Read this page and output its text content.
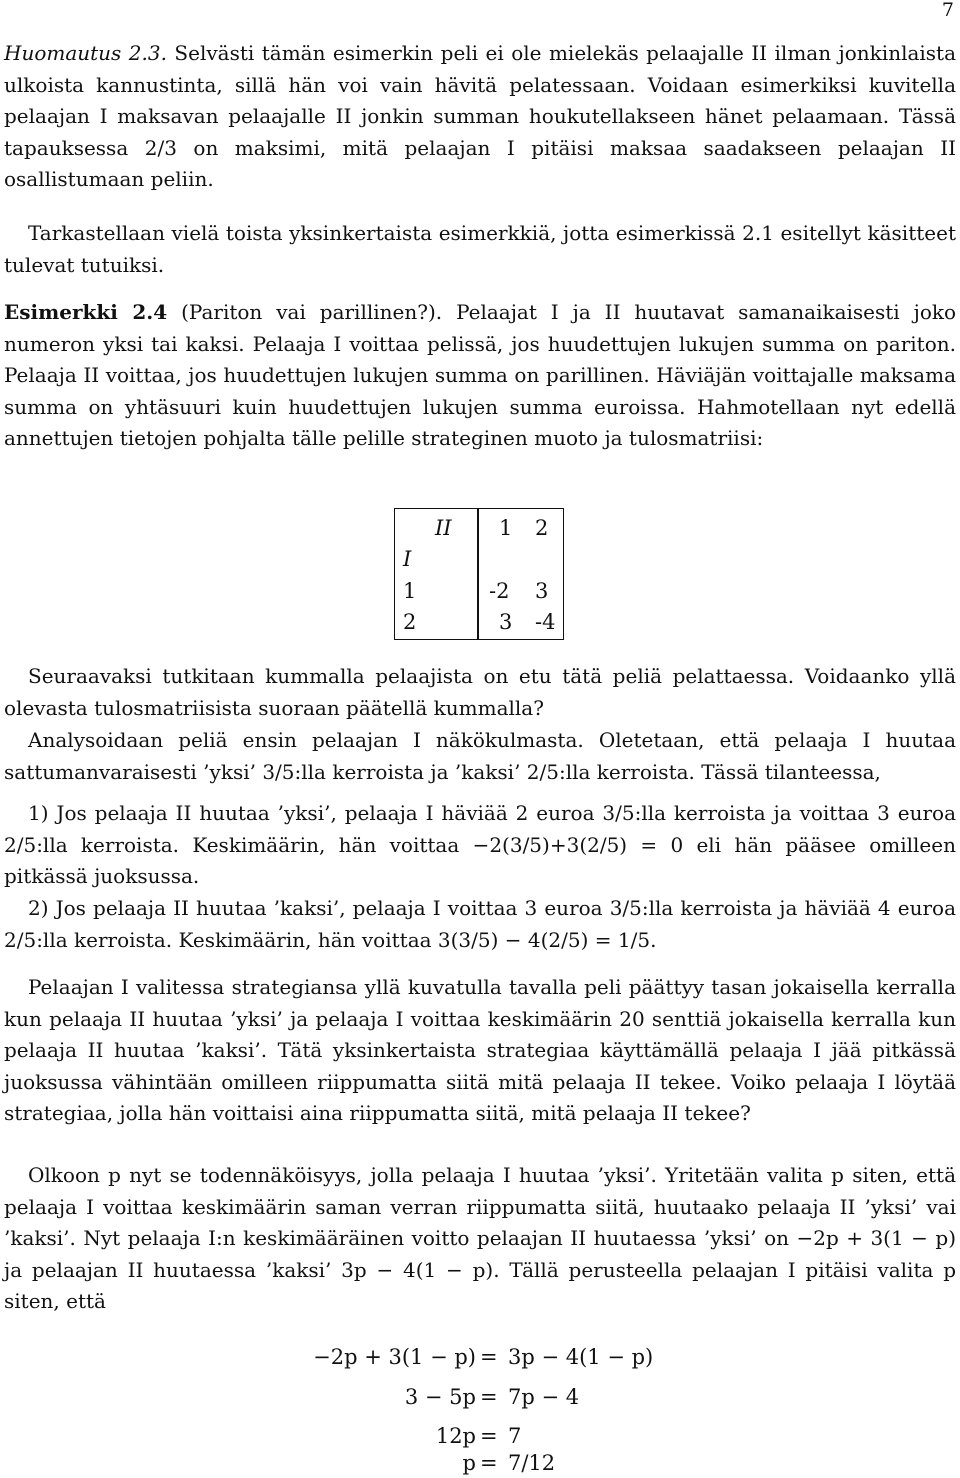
7

Huomautus 2.3. Selvästi tämän esimerkin peli ei ole mielekäs pelaajalle II ilman jonkinlaista ulkoista kannustinta, sillä hän voi vain hävitä pelatessaan. Voidaan esimerkiksi kuvitella pelaajan I maksavan pelaajalle II jonkin summan houkutellakseen hänet pelaamaan. Tässä tapauksessa 2/3 on maksimi, mitä pelaajan I pitäisi maksaa saadakseen pelaajan II osallistumaan peliin.

Tarkastellaan vielä toista yksinkertaista esimerkkiä, jotta esimerkissä 2.1 esitellyt käsitteet tulevat tutuiksi.

Esimerkki 2.4 (Pariton vai parillinen?). Pelaajat I ja II huutavat samanaikaisesti joko numeron yksi tai kaksi. Pelaaja I voittaa pelissä, jos huudettujen lukujen summa on pariton. Pelaaja II voittaa, jos huudettujen lukujen summa on parillinen. Häviäjän voittajalle maksama summa on yhtäsuuri kuin huudettujen lukujen summa euroissa. Hahmotellaan nyt edellä annettujen tietojen pohjalta tälle pelille strateginen muoto ja tulosmatriisi:

II 1 2
I
1
2
-2 3
3 -4

Seuraavaksi tutkitaan kummalla pelaajista on etu tätä peliä pelattaessa. Voidaanko yllä olevasta tulosmatriisista suoraan päätellä kummalla?

Analysoidaan peliä ensin pelaajan I näkökulmasta. Oletetaan, että pelaaja I huutaa sattumanvaraisesti ’yksi’ 3/5:lla kerroista ja ’kaksi’ 2/5:lla kerroista. Tässä tilanteessa,

1) Jos pelaaja II huutaa ’yksi’, pelaaja I häviää 2 euroa 3/5:lla kerroista ja voittaa 3 euroa 2/5:lla kerroista. Keskimäärin, hän voittaa −2(3/5)+3(2/5) = 0 eli hän pääsee omilleen pitkässä juoksussa.

2) Jos pelaaja II huutaa ’kaksi’, pelaaja I voittaa 3 euroa 3/5:lla kerroista ja häviää 4 euroa 2/5:lla kerroista. Keskimäärin, hän voittaa 3(3/5) − 4(2/5) = 1/5.

Pelaajan I valitessa strategiansa yllä kuvatulla tavalla peli päättyy tasan jokaisella kerralla kun pelaaja II huutaa ’yksi’ ja pelaaja I voittaa keskimäärin 20 senttiä jokaisella kerralla kun pelaaja II huutaa ’kaksi’. Tätä yksinkertaista strategiaa käyttämällä pelaaja I jää pitkässä juoksussa vähintään omilleen riippumatta siitä mitä pelaaja II tekee. Voiko pelaaja I löytää strategiaa, jolla hän voittaisi aina riippumatta siitä, mitä pelaaja II tekee?

Olkoon p nyt se todennäköisyys, jolla pelaaja I huutaa ’yksi’. Yritetään valita p siten, että pelaaja I voittaa keskimäärin saman verran riippumatta siitä, huutaako pelaaja II ’yksi’ vai ’kaksi’. Nyt pelaaja I:n keskimääräinen voitto pelaajan II huutaessa ’yksi’ on −2p + 3(1 − p) ja pelaajan II huutaessa ’kaksi’ 3p − 4(1 − p). Tällä perusteella pelaajan I pitäisi valita p siten, että

−2p + 3(1 − p) = 3p − 4(1 − p)
3 − 5p = 7p − 4
12p = 7
p = 7/12
